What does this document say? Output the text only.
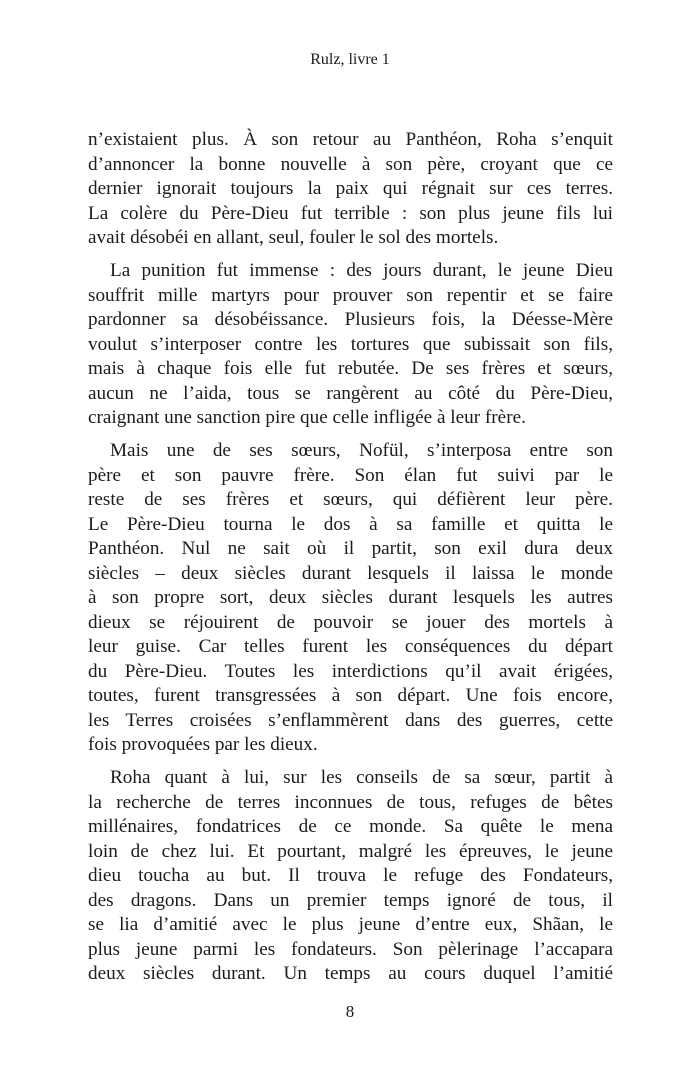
Rulz, livre 1
n’existaient plus. À son retour au Panthéon, Roha s’enquit
d’annoncer la bonne nouvelle à son père, croyant que ce
dernier ignorait toujours la paix qui régnait sur ces terres.
La colère du Père-Dieu fut terrible : son plus jeune fils lui
avait désobéi en allant, seul, fouler le sol des mortels.
La punition fut immense : des jours durant, le jeune Dieu
souffrit mille martyrs pour prouver son repentir et se faire
pardonner sa désobéissance. Plusieurs fois, la Déesse-Mère
voulut s’interposer contre les tortures que subissait son fils,
mais à chaque fois elle fut rebutée. De ses frères et sœurs,
aucun ne l’aida, tous se rangèrent au côté du Père-Dieu,
craignant une sanction pire que celle infligée à leur frère.
Mais une de ses sœurs, Nofül, s’interposa entre son
père et son pauvre frère. Son élan fut suivi par le
reste de ses frères et sœurs, qui défièrent leur père.
Le Père-Dieu tourna le dos à sa famille et quitta le
Panthéon. Nul ne sait où il partit, son exil dura deux
siècles – deux siècles durant lesquels il laissa le monde
à son propre sort, deux siècles durant lesquels les autres
dieux se réjouirent de pouvoir se jouer des mortels à
leur guise. Car telles furent les conséquences du départ
du Père-Dieu. Toutes les interdictions qu’il avait érigées,
toutes, furent transgressées à son départ. Une fois encore,
les Terres croisées s’enflammèrent dans des guerres, cette
fois provoquées par les dieux.
Roha quant à lui, sur les conseils de sa sœur, partit à
la recherche de terres inconnues de tous, refuges de bêtes
millénaires, fondatrices de ce monde. Sa quête le mena
loin de chez lui. Et pourtant, malgré les épreuves, le jeune
dieu toucha au but. Il trouva le refuge des Fondateurs,
des dragons. Dans un premier temps ignoré de tous, il
se lia d’amitié avec le plus jeune d’entre eux, Shãan, le
plus jeune parmi les fondateurs. Son pèlerinage l’accapara
deux siècles durant. Un temps au cours duquel l’amitié
8
